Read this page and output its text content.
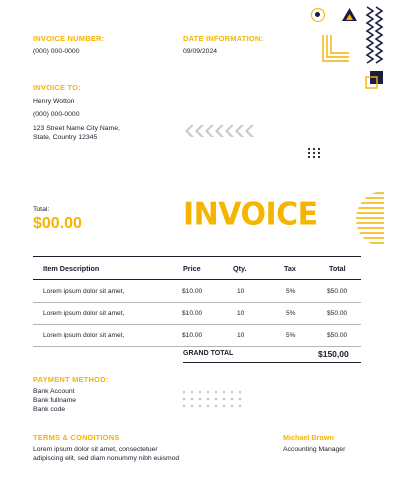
INVOICE NUMBER:
(000) 000-0000
DATE INFORMATION:
09/09/2024
INVOICE TO:
Henry Wotton
(000) 000-0000
123 Street Name City Name,
State, Country 12345
Total:
$00.00	INVOICE
Item Description	Price	Qty.	Tax	Total
Lorem ipsum dolor sit amet,	$10.00	10	5%	$50.00
Lorem ipsum dolor sit amet,	$10.00	10	5%	$50.00
Lorem ipsum dolor sit amet,	$10.00	10	5%	$50.00
GRAND TOTAL	$150,00
PAYMENT METHOD:
Bank Account
Bank fullname
Bank code
TERMS & CONDITIONS
Lorem ipsum dolor sit amet, consectetuer
adipiscing elit, sed diam nonummy nibh euismod
Michael Brown
Accounting Manager
